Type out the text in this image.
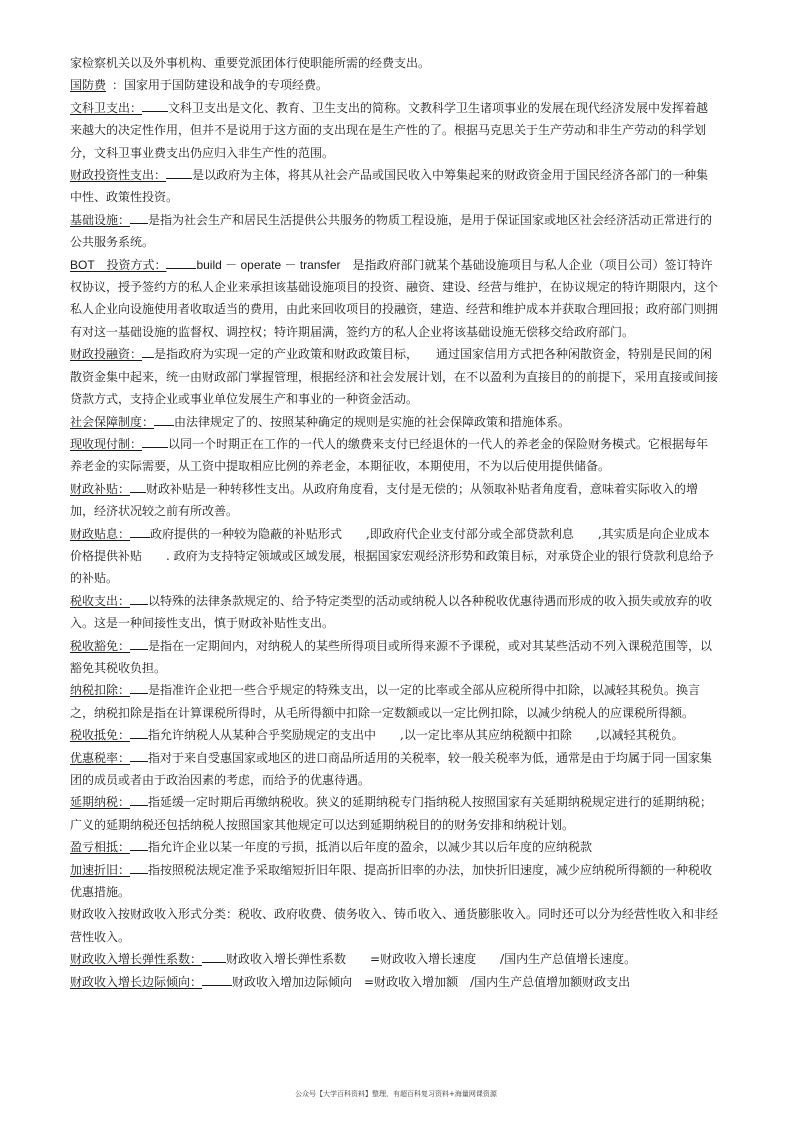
家检察机关以及外事机构、重要党派团体行使职能所需的经费支出。

国防费 ：国家用于国防建设和战争的专项经费。

文科卫支出： 文科卫支出是文化、教育、卫生支出的简称。文教科学卫生诸项事业的发展在现代经济发展中发挥着越来越大的决定性作用，但并不是说用于这方面的支出现在是生产性的了。根据马克思关于生产劳动和非生产劳动的科学划分，文科卫事业费支出仍应归入非生产性的范围。

财政投资性支出： 是以政府为主体，将其从社会产品或国民收入中筹集起来的财政资金用于国民经济各部门的一种集中性、政策性投资。

基础设施： 是指为社会生产和居民生活提供公共服务的物质工程设施，是用于保证国家或地区社会经济活动正常进行的公共服务系统。

BOT　投资方式：	build － operate － transfer　是指政府部门就某个基础设施项目与私人企业（项目公司）签订特许权协议，授予签约方的私人企业来承担该基础设施项目的投资、融资、建设、经营与维护，在协议规定的特许期限内，这个私人企业向设施使用者收取适当的费用，由此来回收项目的投融资，建造、经营和维护成本并获取合理回报；政府部门则拥有对这一基础设施的监督权、调控权；特许期届满，签约方的私人企业将该基础设施无偿移交给政府部门。

财政投融资： 是指政府为实现一定的产业政策和财政政策目标，　　通过国家信用方式把各种闲散资金，特别是民间的闲散资金集中起来，统一由财政部门掌握管理，根据经济和社会发展计划，在不以盈利为直接目的的前提下，采用直接或间接贷款方式，支持企业或事业单位发展生产和事业的一种资金活动。

社会保障制度： 由法律规定了的、按照某种确定的规则是实施的社会保障政策和措施体系。

现收现付制： 以同一个时期正在工作的一代人的缴费来支付已经退休的一代人的养老金的保险财务模式。它根据每年养老金的实际需要，从工资中提取相应比例的养老金，本期征收，本期使用，不为以后使用提供储备。

财政补贴： 财政补贴是一种转移性支出。从政府角度看，支付是无偿的；从领取补贴者角度看，意味着实际收入的增加，经济状况较之前有所改善。

财政贴息： 政府提供的一种较为隐蔽的补贴形式　　,即政府代企业支付部分或全部贷款利息　　,其实质是向企业成本价格提供补贴　　. 政府为支持特定领域或区域发展，根据国家宏观经济形势和政策目标，对承贷企业的银行贷款利息给予的补贴。

税收支出： 以特殊的法律条款规定的、给予特定类型的活动或纳税人以各种税收优惠待遇而形成的收入损失或放弃的收入。这是一种间接性支出，慎于财政补贴性支出。

税收豁免： 是指在一定期间内，对纳税人的某些所得项目或所得来源不予课税，或对其某些活动不列入课税范围等，以豁免其税收负担。

纳税扣除： 是指准许企业把一些合乎规定的特殊支出，以一定的比率或全部从应税所得中扣除，以减轻其税负。换言之，纳税扣除是指在计算课税所得时，从毛所得额中扣除一定数额或以一定比例扣除，以减少纳税人的应课税所得额。

税收抵免： 指允许纳税人从某种合乎奖励规定的支出中　　,以一定比率从其应纳税额中扣除　　,以减轻其税负。

优惠税率： 指对于来自受惠国家或地区的进口商品所适用的关税率，较一般关税率为低，通常是由于均属于同一国家集团的成员或者由于政治因素的考虑，而给予的优惠待遇。

延期纳税： 指延缓一定时期后再缴纳税收。狭义的延期纳税专门指纳税人按照国家有关延期纳税规定进行的延期纳税；广义的延期纳税还包括纳税人按照国家其他规定可以达到延期纳税目的的财务安排和纳税计划。

盈亏相抵： 指允许企业以某一年度的亏损，抵消以后年度的盈余，以减少其以后年度的应纳税款

加速折旧： 指按照税法规定准予采取缩短折旧年限、提高折旧率的办法，加快折旧速度，减少应纳税所得额的一种税收优惠措施。

财政收入按财政收入形式分类：税收、政府收费、债务收入、铸币收入、通货膨胀收入。同时还可以分为经营性收入和非经营性收入。

财政收入增长弹性系数： 财政收入增长弹性系数　　=财政收入增长速度　　/国内生产总值增长速度。

财政收入增长边际倾向：	财政收入增加边际倾向　=财政收入增加额　/国内生产总值增加额财政支出

公众号【大学百科资料】整理，有超百科复习资料+海量网课资源
